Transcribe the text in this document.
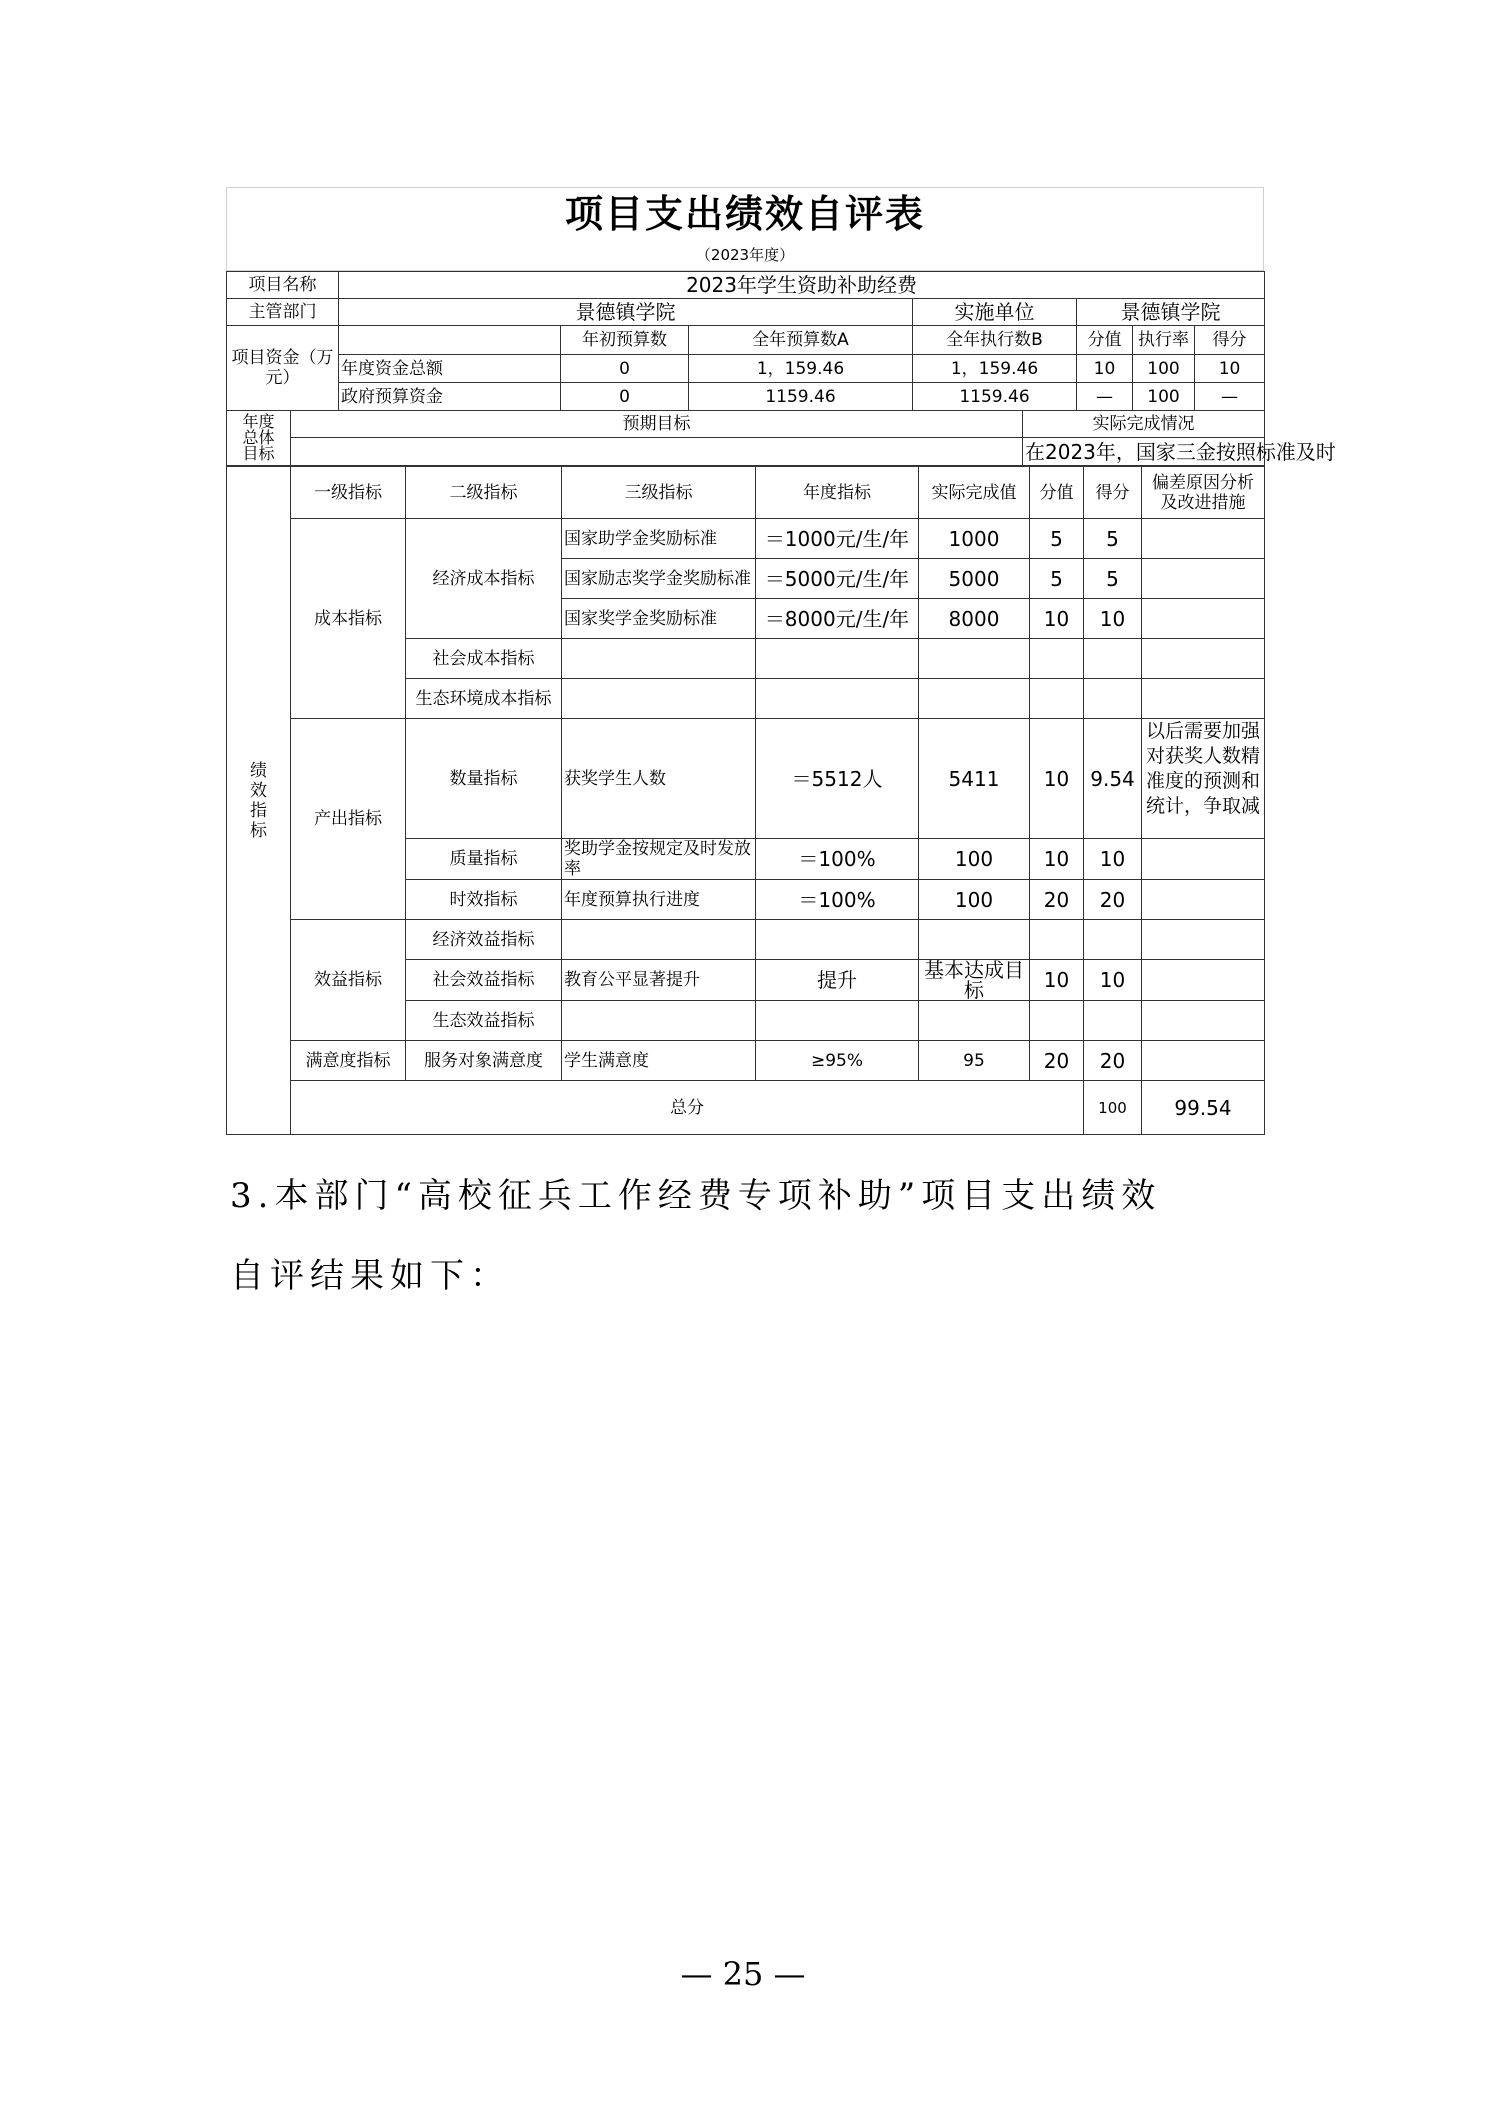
项目支出绩效自评表
（2023年度）
项目名称		2023年学生资助补助经费							
主管部门		景德镇学院			实施单位		景德镇学院		
项目资金（万元）			年初预算数	全年预算数A	全年执行数B		分值	执行率	得分
		年度资金总额	0	1，159.46	1，159.46		10	100	10
		政府预算资金	0	1159.46	1159.46		—	100	—

年度总体目标	预期目标					实际完成情况			
						在2023年，国家三金按照标准及时			
绩效指标	一级指标	二级指标	三级指标	年度指标	实际完成值	分值	得分	偏差原因分析及改进措施	
	成本指标	经济成本指标	国家助学金奖励标准	＝1000元/生/年	1000	5	5		
			国家励志奖学金奖励标准	＝5000元/生/年	5000	5	5		
			国家奖学金奖励标准	＝8000元/生/年	8000	10	10		
		社会成本指标							
		生态环境成本指标							
	产出指标	数量指标	获奖学生人数	＝5512人	5411	10	9.54	以后需要加强对获奖人数精准度的预测和统计，争取减	

		质量指标	奖助学金按规定及时发放率	＝100%	100	10	10		
		时效指标	年度预算执行进度	＝100%	100	20	20		
	效益指标	经济效益指标							
		社会效益指标	教育公平显著提升	提升	基本达成目标	10	10		
		生态效益指标							
	满意度指标	服务对象满意度	学生满意度	≥95%	95	20	20		
	总分						100	99.54	
3.本部门“高校征兵工作经费专项补助”项目支出绩效
自评结果如下：
— 25 —
